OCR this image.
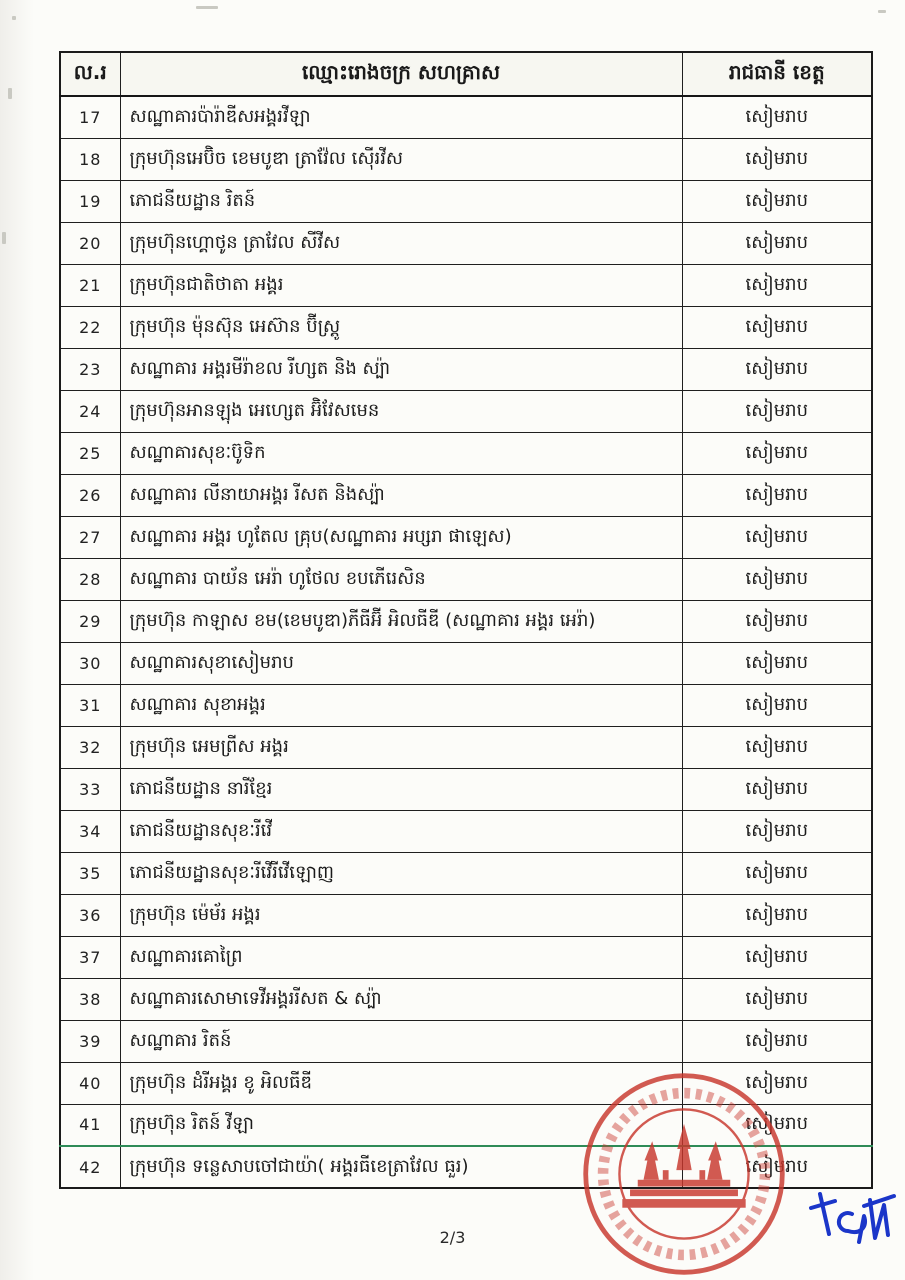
ល.រ	ឈ្មោះរោងចក្រ សហគ្រាស	រាជធានី ខេត្ត
17	សណ្ឋាគារប៉ារ៉ាឌីសអង្គរវីឡា	សៀមរាប
18	ក្រុមហ៊ុនអេប៊ិច ខេមបូឌា ត្រាវ៉ែល ស៊ើរវីស	សៀមរាប
19	ភោជនីយដ្ឋាន រិតន៍	សៀមរាប
20	ក្រុមហ៊ុនហ្គោថូន ត្រាវែល សីវីស	សៀមរាប
21	ក្រុមហ៊ុនជាតិថាតា អង្គរ	សៀមរាប
22	ក្រុមហ៊ុន ម៉ុនស៊ុន អេស៊ាន ប៊ីស្ត្រូ	សៀមរាប
23	សណ្ឋាគារ អង្គរមីរ៉ាខល រីហ្សត និង ស្ប៉ា	សៀមរាប
24	ក្រុមហ៊ុនអានឡុង អេហ្សេត អ៊ិវែសមេន	សៀមរាប
25	សណ្ឋាគារសុខៈប៊ូទិក	សៀមរាប
26	សណ្ឋាគារ លីនាយាអង្គរ រីសត និងស្ប៉ា	សៀមរាប
27	សណ្ឋាគារ អង្គរ ហូតែល គ្រុប(សណ្ឋាគារ អប្សរា ផាឡេស)	សៀមរាប
28	សណ្ឋាគារ បាយ័ន អេរ៉ា ហូថែល ខបភើរេសិន	សៀមរាប
29	ក្រុមហ៊ុន កាឡាស ខម(ខេមបូឌា)ភីធីអ៊ី អិលធីឌី (សណ្ឋាគារ អង្គរ អេរ៉ា)	សៀមរាប
30	សណ្ឋាគារសុខាសៀមរាប	សៀមរាប
31	សណ្ឋាគារ សុខាអង្គរ	សៀមរាប
32	ក្រុមហ៊ុន អេមព្រីស អង្គរ	សៀមរាប
33	ភោជនីយដ្ឋាន នារីខ្មែរ	សៀមរាប
34	ភោជនីយដ្ឋានសុខៈរីវើ	សៀមរាប
35	ភោជនីយដ្ឋានសុខៈរីវើរីវើឡោញ	សៀមរាប
36	ក្រុមហ៊ុន ម៉េម័រ អង្គរ	សៀមរាប
37	សណ្ឋាគារគោព្រៃ	សៀមរាប
38	សណ្ឋាគារសោមាទេវីអង្គររីសត & ស្ប៉ា	សៀមរាប
39	សណ្ឋាគារ រិតន៍	សៀមរាប
40	ក្រុមហ៊ុន ដំរីអង្គរ ខូ អិលធីឌី	សៀមរាប
41	ក្រុមហ៊ុន រិតន៍ វីឡា	សៀមរាប
42	ក្រុមហ៊ុន ទន្លេសាបចៅជាយ៉ា( អង្គរធីខេត្រាវែល ធួរ)	សៀមរាប
2/3
